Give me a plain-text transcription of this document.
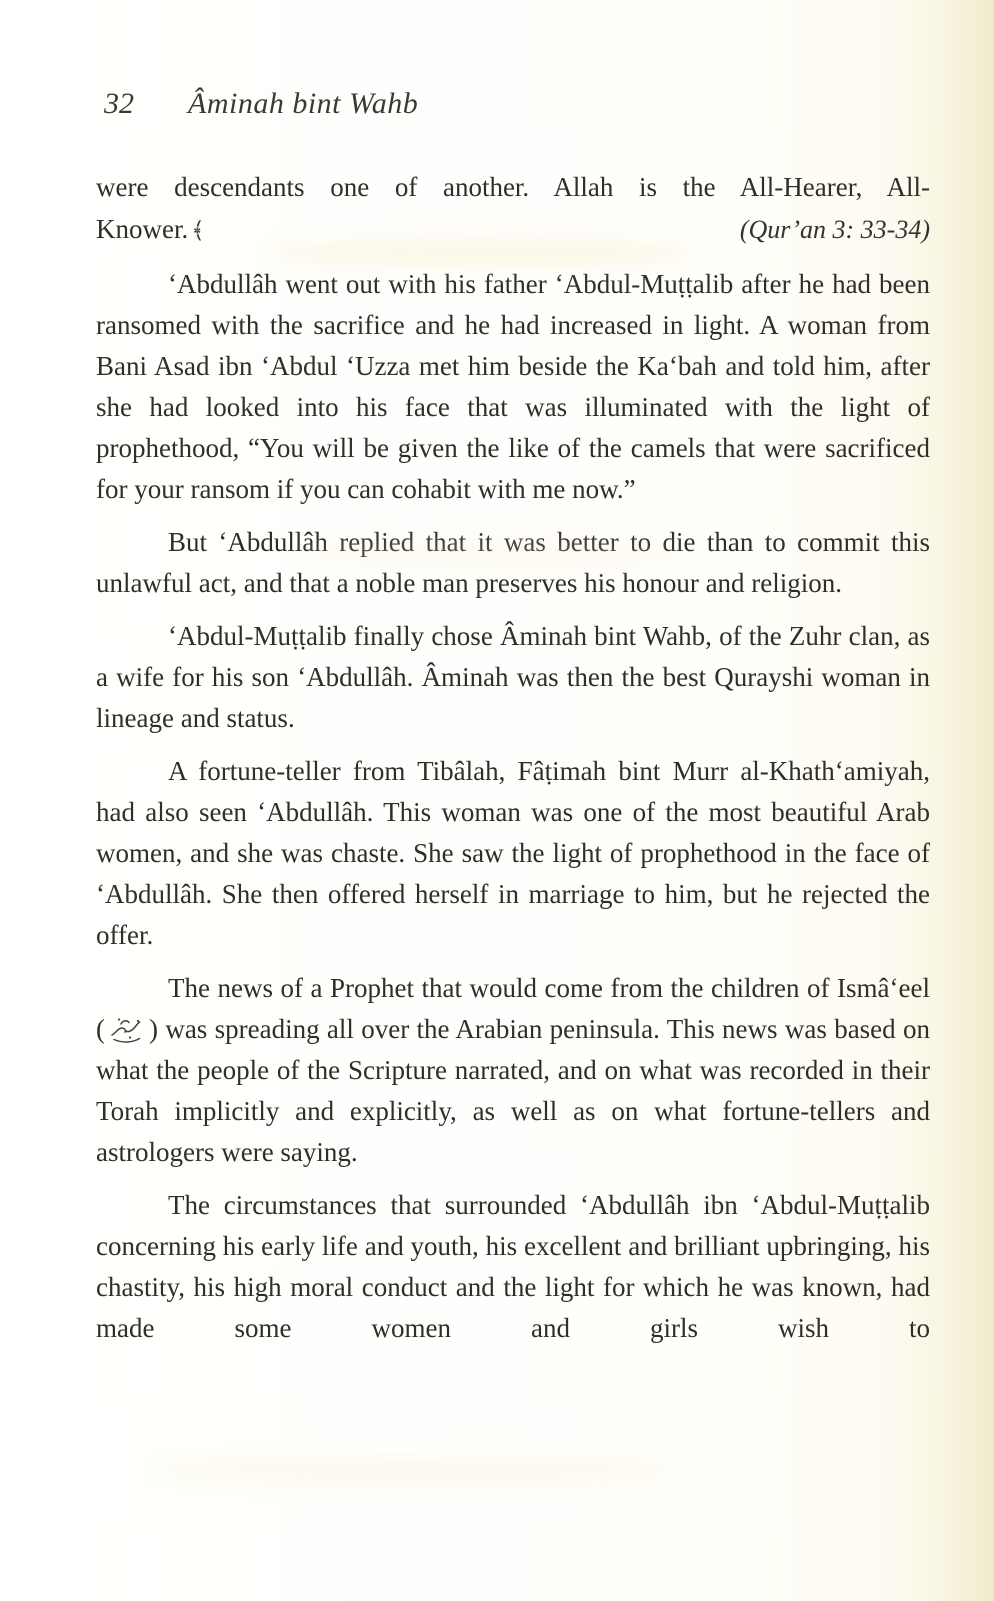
32 Âminah bint Wahb
were descendants one of another. Allah is the All-Hearer, All-
Knower. ﴾	(Qur’an 3: 33-34)

‘Abdullâh went out with his father ‘Abdul-Muṭṭalib after he had been ransomed with the sacrifice and he had increased in light. A woman from Bani Asad ibn ‘Abdul ‘Uzza met him beside the Ka‘bah and told him, after she had looked into his face that was illuminated with the light of prophethood, “You will be given the like of the camels that were sacrificed for your ransom if you can cohabit with me now.”

But ‘Abdullâh replied that it was better to die than to commit this unlawful act, and that a noble man preserves his honour and religion.

‘Abdul-Muṭṭalib finally chose Âminah bint Wahb, of the Zuhr clan, as a wife for his son ‘Abdullâh. Âminah was then the best Qurayshi woman in lineage and status.

A fortune-teller from Tibâlah, Fâṭimah bint Murr al-Khath‘amiyah, had also seen ‘Abdullâh. This woman was one of the most beautiful Arab women, and she was chaste. She saw the light of prophethood in the face of ‘Abdullâh. She then offered herself in marriage to him, but he rejected the offer.

The news of a Prophet that would come from the children of Ismâ‘eel ( ) was spreading all over the Arabian peninsula. This news was based on what the people of the Scripture narrated, and on what was recorded in their Torah implicitly and explicitly, as well as on what fortune-tellers and astrologers were saying.

The circumstances that surrounded ‘Abdullâh ibn ‘Abdul-Muṭṭalib concerning his early life and youth, his excellent and brilliant upbringing, his chastity, his high moral conduct and the light for which he was known, had made some women and girls wish to
